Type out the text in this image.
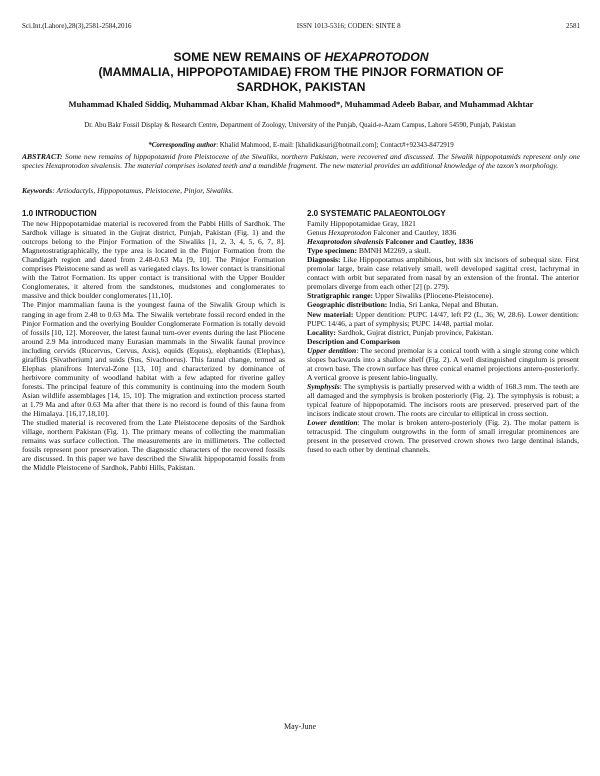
Sci.Int.(Lahore),28(3),2581-2584,2016	ISSN 1013-5316; CODEN: SINTE 8	2581
SOME NEW REMAINS OF HEXAPROTODON
(MAMMALIA, HIPPOPOTAMIDAE) FROM THE PINJOR FORMATION OF
SARDHOK, PAKISTAN
Muhammad Khaled Siddiq, Muhammad Akbar Khan, Khalid Mahmood*, Muhammad Adeeb Babar, and Muhammad Akhtar
Dr. Abu Bakr Fossil Display & Research Centre, Department of Zoology, University of the Punjab, Quaid-e-Azam Campus, Lahore 54590, Punjab, Pakistan
*Corresponding author: Khalid Mahmood, E-mail: [khalidkasuri@hotmail.com]; Contact#+92343-8472919
ABSTRACT: Some new remains of hippopotamid from Pleistocene of the Siwaliks, northern Pakistan, were recovered and discussed. The Siwalik hippopotamids represent only one species Hexaprotodon sivalensis. The material comprises isolated teeth and a mandible fragment. The new material provides an additional knowledge of the taxon’s morphology.
Keywords: Artiodactyls, Hippopotamus, Pleistocene, Pinjor, Siwaliks.

1.0 INTRODUCTION

The new Hippopotamidae material is recovered from the Pabbi Hills of Sardhok. The Sardhok village is situated in the Gujrat district, Punjab, Pakistan (Fig. 1) and the outcrops belong to the Pinjor Formation of the Siwaliks [1, 2, 3, 4, 5, 6, 7, 8]. Magnetostratigraphically, the type area is located in the Pinjor Formation from the Chandigarh region and dated from 2.48-0.63 Ma [9, 10]. The Pinjor Formation comprises Pleistocene sand as well as variegated clays. Its lower contact is transitional with the Tatrot Formation. Its upper contact is transitional with the Upper Boulder Conglomerates, it altered from the sandstones, mudstones and conglomerates to massive and thick boulder conglomerates [11,10].

The Pinjor mammalian fauna is the youngest fauna of the Siwalik Group which is ranging in age from 2.48 to 0.63 Ma. The Siwalik vertebrate fossil record ended in the Pinjor Formation and the overlying Boulder Conglomerate Formation is totally devoid of fossils [10, 12]. Moreover, the latest faunal turn-over events during the last Pliocene around 2.9 Ma introduced many Eurasian mammals in the Siwalik faunal province including cervids (Rucervus, Cervus, Axis), equids (Equus), elephantids (Elephas), giraffids (Sivatherium) and suids (Sus, Sivachoerus). This faunal change, termed as Elephas planifrons Interval-Zone [13, 10] and characterized by dominance of herbivore community of woodland habitat with a few adapted for riverine galley forests. The principal feature of this community is continuing into the modern South Asian wildlife assemblages [14, 15, 10]. The migration and extinction process started at 1.79 Ma and after 0.63 Ma after that there is no record is found of this fauna from the Himalaya. [16,17,18,10].

The studied material is recovered from the Late Pleistocene deposits of the Sardhok village, northern Pakistan (Fig. 1). The primary means of collecting the mammalian remains was surface collection. The measurements are in millimeters. The collected fossils represent poor preservation. The diagnostic characters of the recovered fossils are discussed. In this paper we have described the Siwalik hippopotamid fossils from the Middle Pleistocene of Sardhok, Pabbi Hills, Pakistan.

2.0 SYSTEMATIC PALAEONTOLOGY

Family Hippopotamidae Gray, 1821

Genus Hexaprotodon Falconer and Cautley, 1836

Hexaprotodon sivalensis Falconer and Cautley, 1836

Type specimen: BMNH M2269, a skull.

Diagnosis: Like Hippopotamus amphibious, but with six incisors of subequal size. First premolar large, brain case relatively small, well developed sagittal crest, lachrymal in contact with orbit but separated from nasal by an extension of the frontal. The anterior premolars diverge from each other [2] (p. 279).

Stratigraphic range: Upper Siwaliks (Pliocene-Pleistocene).

Geographic distribution: India, Sri Lanka, Nepal and Bhutan.

New material: Upper dentition: PUPC 14/47, left P2 (L, 36; W, 28.6). Lower dentition: PUPC 14/46, a part of symphysis; PUPC 14/48, partial molar.

Locality: Sardhok, Gujrat district, Punjab province, Pakistan.

Description and Comparison

Upper dentition: The second premolar is a conical tooth with a single strong cone which slopes backwards into a shallow shelf (Fig. 2). A well distinguished cingulum is present at crown base. The crown surface has three conical enamel projections antero-posteriorly. A vertical groove is present labio-lingually.

Symphysis: The symphysis is partially preserved with a width of 168.3 mm. The teeth are all damaged and the symphysis is broken posteriorly (Fig. 2). The symphysis is robust; a typical feature of hippopotamid. The incisors roots are preserved. preserved part of the incisors indicate stout crown. The roots are circular to elliptical in cross section.

Lower dentition: The molar is broken antero-posterioly (Fig. 2). The molar pattern is tetracuspid. The cingulum outgrowths in the form of small irregular prominences are present in the preserved crown. The preserved crown shows two large dentinal islands, fused to each other by dentinal channels.

May-June
